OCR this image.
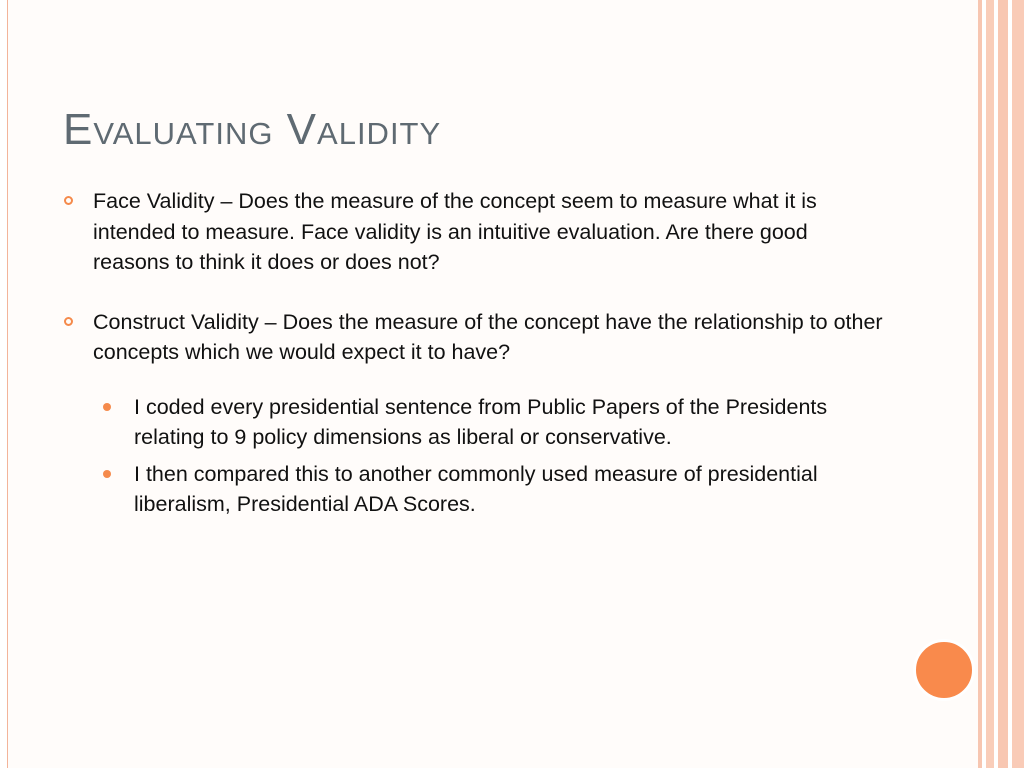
Evaluating Validity
Face Validity – Does the measure of the concept seem to measure what it is intended to measure. Face validity is an intuitive evaluation. Are there good reasons to think it does or does not?
Construct Validity – Does the measure of the concept have the relationship to other concepts which we would expect it to have?
I coded every presidential sentence from Public Papers of the Presidents relating to 9 policy dimensions as liberal or conservative.
I then compared this to another commonly used measure of presidential liberalism, Presidential ADA Scores.
